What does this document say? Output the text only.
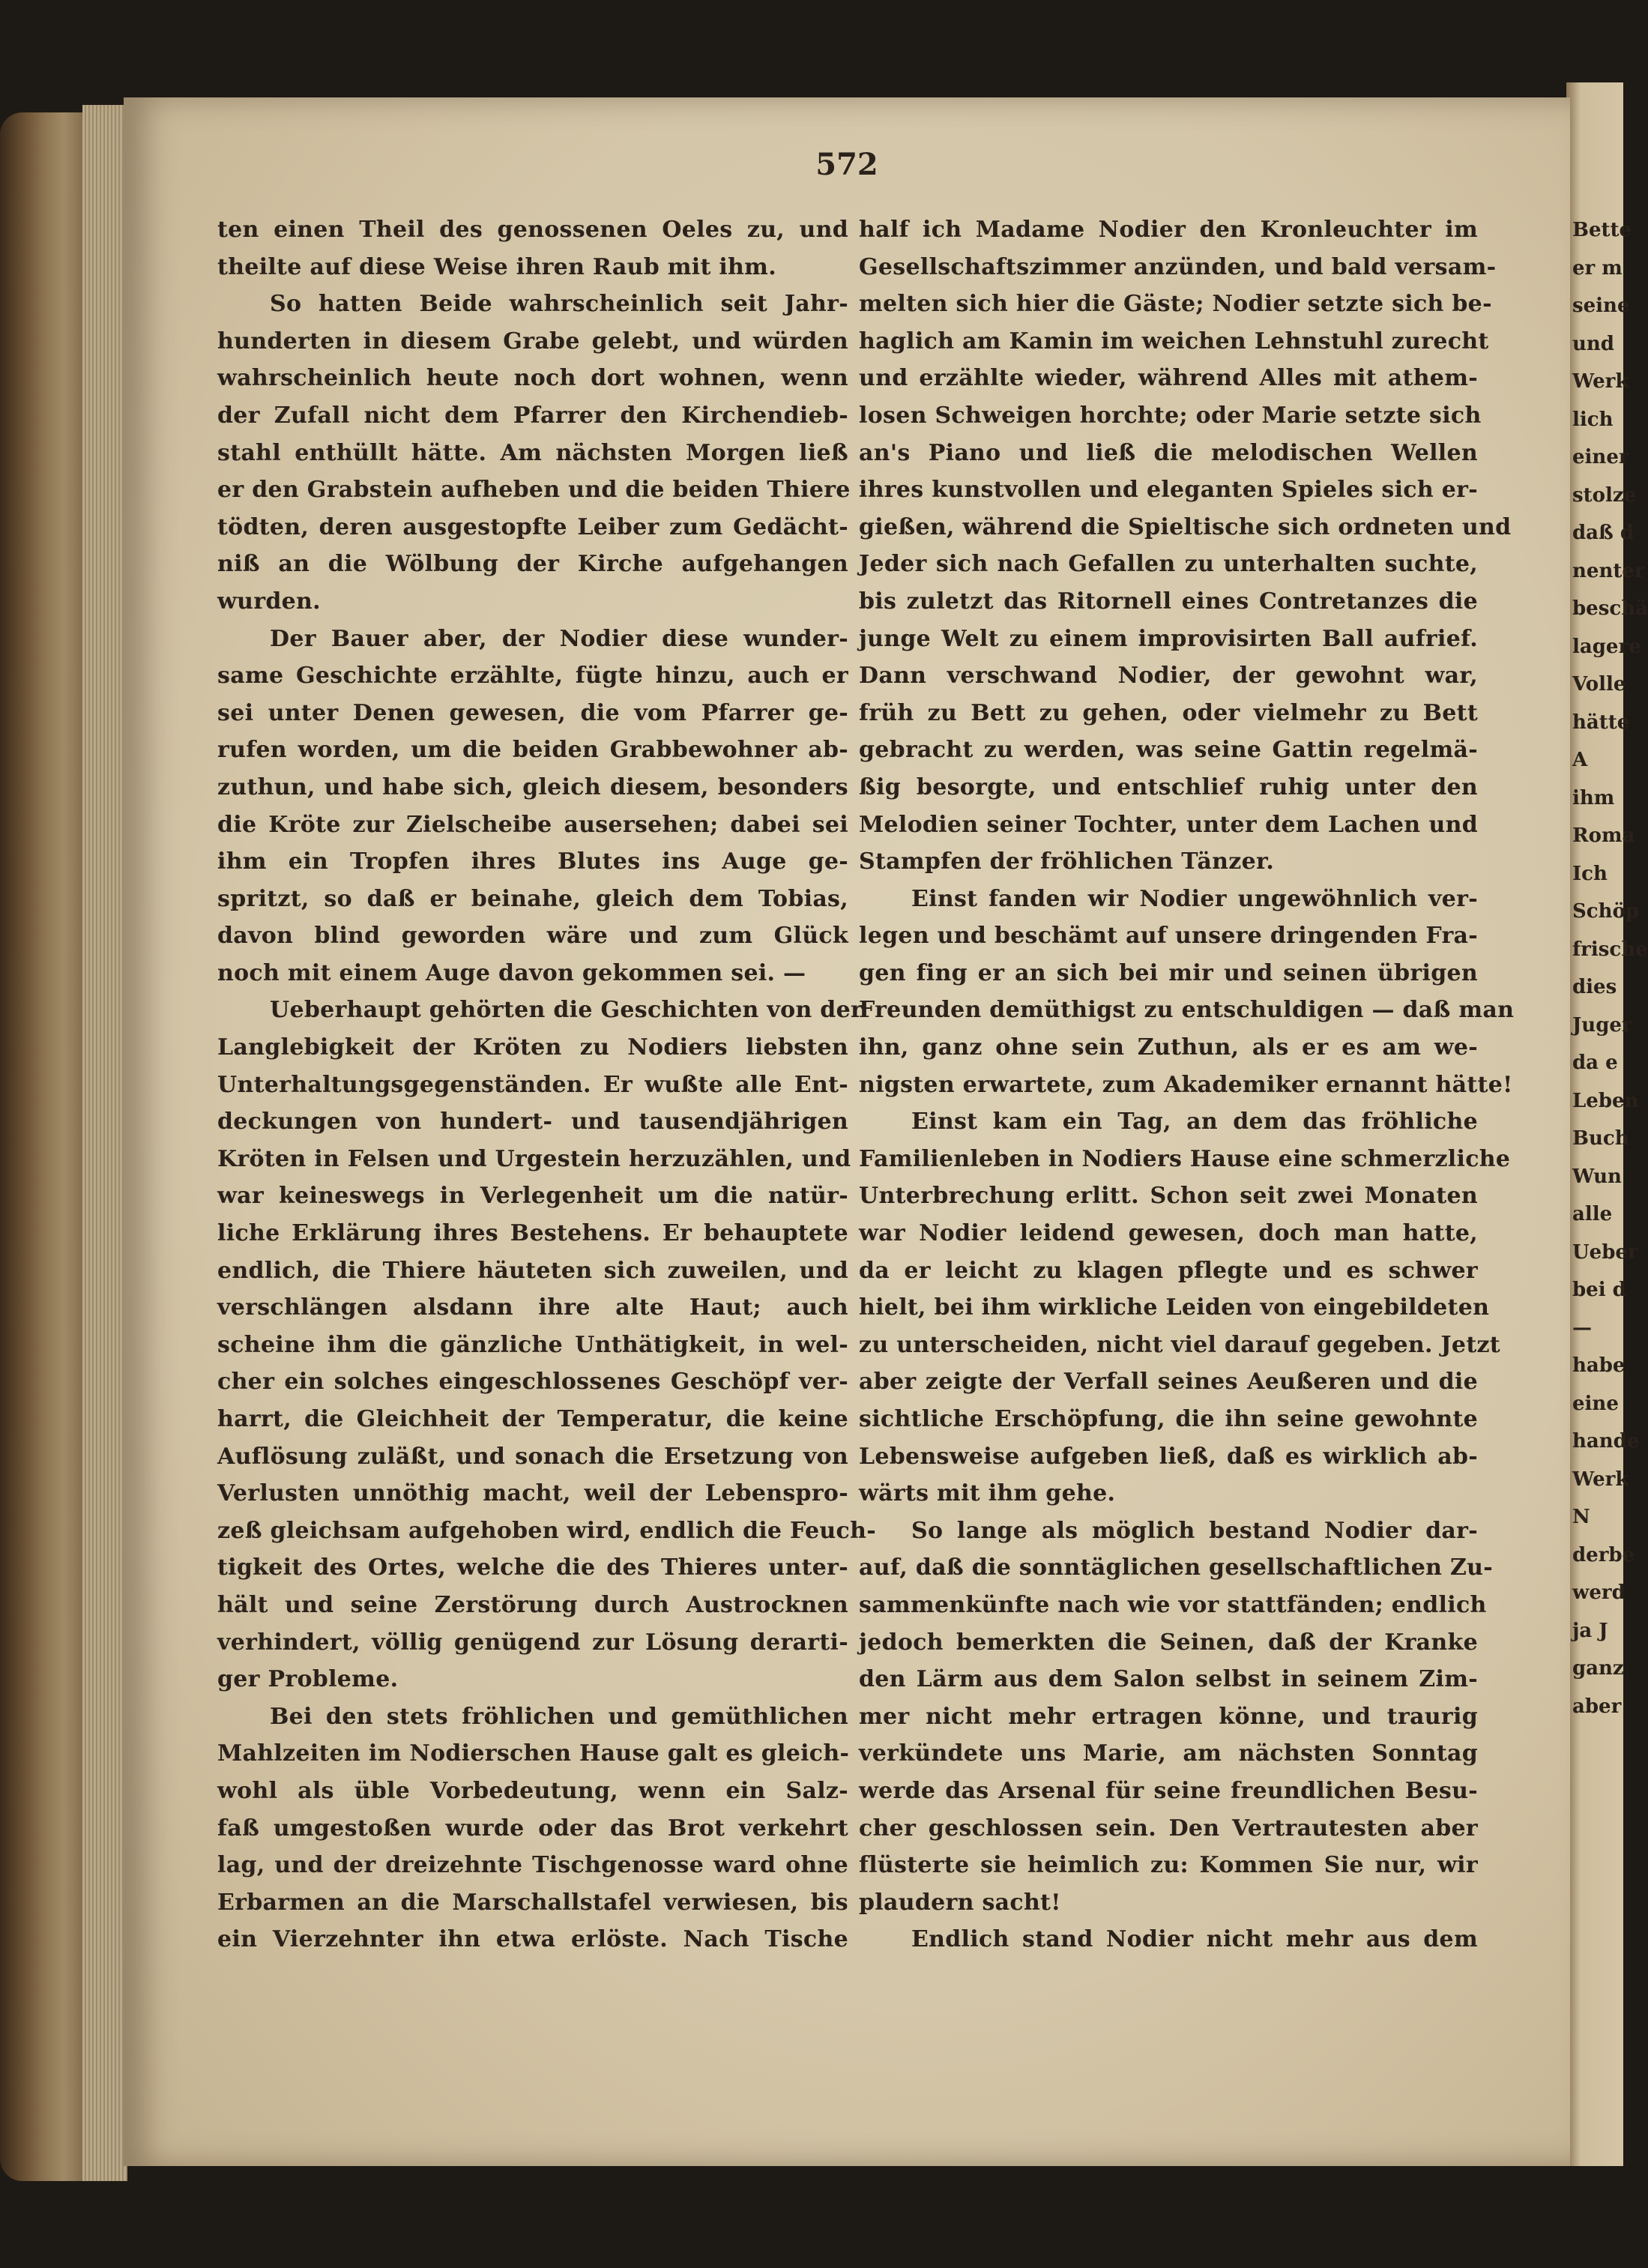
572
ten einen Theil des genossenen Oeles zu, und
theilte auf diese Weise ihren Raub mit ihm.
So hatten Beide wahrscheinlich seit Jahr-
hunderten in diesem Grabe gelebt, und würden
wahrscheinlich heute noch dort wohnen, wenn
der Zufall nicht dem Pfarrer den Kirchendieb-
stahl enthüllt hätte. Am nächsten Morgen ließ
er den Grabstein aufheben und die beiden Thiere
tödten, deren ausgestopfte Leiber zum Gedächt-
niß an die Wölbung der Kirche aufgehangen
wurden.
Der Bauer aber, der Nodier diese wunder-
same Geschichte erzählte, fügte hinzu, auch er
sei unter Denen gewesen, die vom Pfarrer ge-
rufen worden, um die beiden Grabbewohner ab-
zuthun, und habe sich, gleich diesem, besonders
die Kröte zur Zielscheibe ausersehen; dabei sei
ihm ein Tropfen ihres Blutes ins Auge ge-
spritzt, so daß er beinahe, gleich dem Tobias,
davon blind geworden wäre und zum Glück
noch mit einem Auge davon gekommen sei. —
Ueberhaupt gehörten die Geschichten von der
Langlebigkeit der Kröten zu Nodiers liebsten
Unterhaltungsgegenständen. Er wußte alle Ent-
deckungen von hundert- und tausendjährigen
Kröten in Felsen und Urgestein herzuzählen, und
war keineswegs in Verlegenheit um die natür-
liche Erklärung ihres Bestehens. Er behauptete
endlich, die Thiere häuteten sich zuweilen, und
verschlängen alsdann ihre alte Haut; auch
scheine ihm die gänzliche Unthätigkeit, in wel-
cher ein solches eingeschlossenes Geschöpf ver-
harrt, die Gleichheit der Temperatur, die keine
Auflösung zuläßt, und sonach die Ersetzung von
Verlusten unnöthig macht, weil der Lebenspro-
zeß gleichsam aufgehoben wird, endlich die Feuch-
tigkeit des Ortes, welche die des Thieres unter-
hält und seine Zerstörung durch Austrocknen
verhindert, völlig genügend zur Lösung derarti-
ger Probleme.
Bei den stets fröhlichen und gemüthlichen
Mahlzeiten im Nodierschen Hause galt es gleich-
wohl als üble Vorbedeutung, wenn ein Salz-
faß umgestoßen wurde oder das Brot verkehrt
lag, und der dreizehnte Tischgenosse ward ohne
Erbarmen an die Marschallstafel verwiesen, bis
ein Vierzehnter ihn etwa erlöste. Nach Tische
half ich Madame Nodier den Kronleuchter im
Gesellschaftszimmer anzünden, und bald versam-
melten sich hier die Gäste; Nodier setzte sich be-
haglich am Kamin im weichen Lehnstuhl zurecht
und erzählte wieder, während Alles mit athem-
losen Schweigen horchte; oder Marie setzte sich
an's Piano und ließ die melodischen Wellen
ihres kunstvollen und eleganten Spieles sich er-
gießen, während die Spieltische sich ordneten und
Jeder sich nach Gefallen zu unterhalten suchte,
bis zuletzt das Ritornell eines Contretanzes die
junge Welt zu einem improvisirten Ball aufrief.
Dann verschwand Nodier, der gewohnt war,
früh zu Bett zu gehen, oder vielmehr zu Bett
gebracht zu werden, was seine Gattin regelmä-
ßig besorgte, und entschlief ruhig unter den
Melodien seiner Tochter, unter dem Lachen und
Stampfen der fröhlichen Tänzer.
Einst fanden wir Nodier ungewöhnlich ver-
legen und beschämt auf unsere dringenden Fra-
gen fing er an sich bei mir und seinen übrigen
Freunden demüthigst zu entschuldigen — daß man
ihn, ganz ohne sein Zuthun, als er es am we-
nigsten erwartete, zum Akademiker ernannt hätte!
Einst kam ein Tag, an dem das fröhliche
Familienleben in Nodiers Hause eine schmerzliche
Unterbrechung erlitt. Schon seit zwei Monaten
war Nodier leidend gewesen, doch man hatte,
da er leicht zu klagen pflegte und es schwer
hielt, bei ihm wirkliche Leiden von eingebildeten
zu unterscheiden, nicht viel darauf gegeben. Jetzt
aber zeigte der Verfall seines Aeußeren und die
sichtliche Erschöpfung, die ihn seine gewohnte
Lebensweise aufgeben ließ, daß es wirklich ab-
wärts mit ihm gehe.
So lange als möglich bestand Nodier dar-
auf, daß die sonntäglichen gesellschaftlichen Zu-
sammenkünfte nach wie vor stattfänden; endlich
jedoch bemerkten die Seinen, daß der Kranke
den Lärm aus dem Salon selbst in seinem Zim-
mer nicht mehr ertragen könne, und traurig
verkündete uns Marie, am nächsten Sonntag
werde das Arsenal für seine freundlichen Besu-
cher geschlossen sein. Den Vertrautesten aber
flüsterte sie heimlich zu: Kommen Sie nur, wir
plaudern sacht!
Endlich stand Nodier nicht mehr aus dem
Bette
er m
seine
und
Werk
lich
einer
stolze
daß d
nenter
beschä
lagere
Volle
hätte
A
ihm
Roma
Ich
Schöp
frische
dies
Juger
da e
Leben
Buch
Wun
alle
Ueber
bei d
—
habe
eine
hande
Werk
N
derbe
werd
ja J
ganz
aber
